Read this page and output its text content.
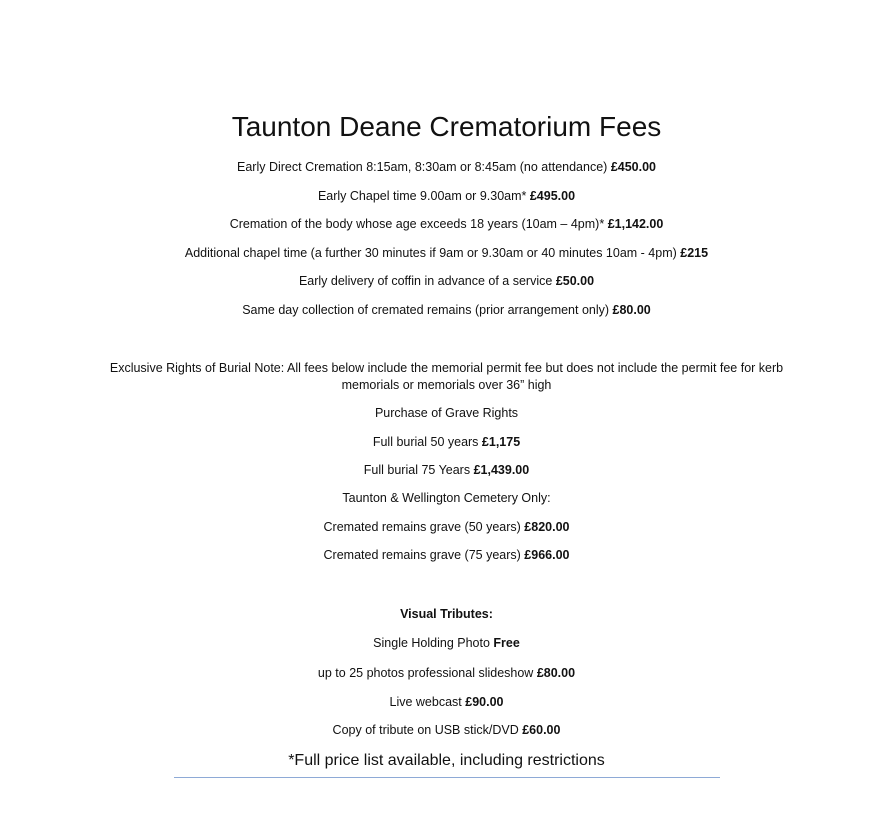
Taunton Deane Crematorium Fees
Early Direct Cremation 8:15am, 8:30am or 8:45am (no attendance) £450.00
Early Chapel time 9.00am or 9.30am* £495.00
Cremation of the body whose age exceeds 18 years (10am – 4pm)* £1,142.00
Additional chapel time (a further 30 minutes if 9am or 9.30am or 40 minutes 10am - 4pm) £215
Early delivery of coffin in advance of a service £50.00
Same day collection of cremated remains (prior arrangement only) £80.00
Exclusive Rights of Burial Note: All fees below include the memorial permit fee but does not include the permit fee for kerb memorials or memorials over 36” high
Purchase of Grave Rights
Full burial 50 years £1,175
Full burial 75 Years £1,439.00
Taunton & Wellington Cemetery Only:
Cremated remains grave (50 years) £820.00
Cremated remains grave (75 years) £966.00
Visual Tributes:
Single Holding Photo Free
up to 25 photos professional slideshow £80.00
Live webcast £90.00
Copy of tribute on USB stick/DVD £60.00
*Full price list available, including restrictions
